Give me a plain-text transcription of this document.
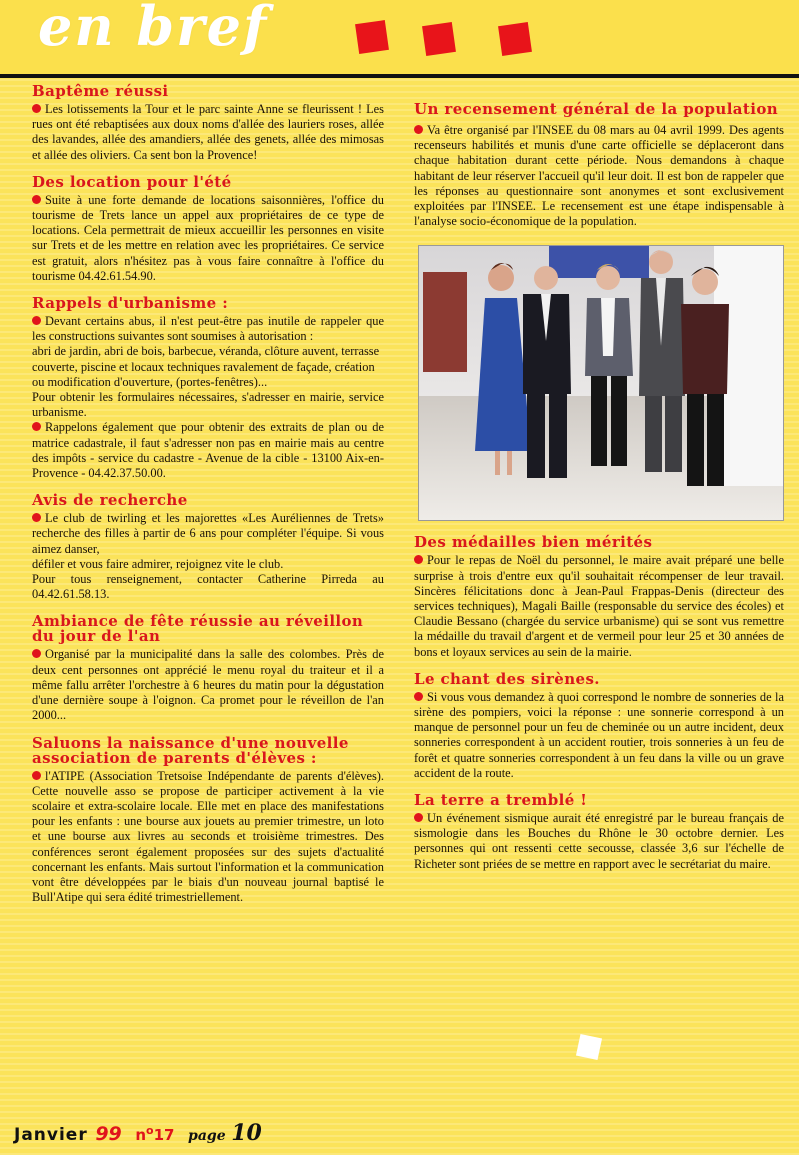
en bref
Baptême réussi

Les lotissements la Tour et le parc sainte Anne se fleurissent ! Les rues ont été rebaptisées aux doux noms d'allée des lauriers roses, allée des lavandes, allée des amandiers, allée des genets, allée des mimosas et allée des oliviers. Ca sent bon la Provence!

Des location pour l'été

Suite à une forte demande de locations saisonnières, l'office du tourisme de Trets lance un appel aux propriétaires de ce type de locations. Cela permettrait de mieux accueillir les personnes en visite sur Trets et de les mettre en relation avec les propriétaires. Ce service est gratuit, alors n'hésitez pas à vous faire connaître à l'office du tourisme 04.42.61.54.90.

Rappels d'urbanisme :

Devant certains abus, il n'est peut-être pas inutile de rappeler que les constructions suivantes sont soumises à autorisation :

abri de jardin, abri de bois, barbecue, véranda, clôture auvent, terrasse couverte, piscine et locaux techniques ravalement de façade, création ou modification d'ouverture, (portes-fenêtres)...

Pour obtenir les formulaires nécessaires, s'adresser en mairie, service urbanisme.

Rappelons également que pour obtenir des extraits de plan ou de matrice cadastrale, il faut s'adresser non pas en mairie mais au centre des impôts - service du cadastre - Avenue de la cible - 13100 Aix-en-Provence - 04.42.37.50.00.

Avis de recherche

Le club de twirling et les majorettes «Les Auréliennes de Trets» recherche des filles à partir de 6 ans pour compléter l'équipe. Si vous aimez danser,

défiler et vous faire admirer, rejoignez vite le club.

Pour tous renseignement, contacter Catherine Pirreda au 04.42.61.58.13.

Ambiance de fête réussie au réveillon du jour de l'an

Organisé par la municipalité dans la salle des colombes. Près de deux cent personnes ont apprécié le menu royal du traiteur et il a même fallu arrêter l'orchestre à 6 heures du matin pour la dégustation d'une dernière soupe à l'oignon. Ca promet pour le réveillon de l'an 2000...

Saluons la naissance d'une nouvelle association de parents d'élèves :

l'ATIPE (Association Tretsoise Indépendante de parents d'élèves). Cette nouvelle asso se propose de participer activement à la vie scolaire et extra-scolaire locale. Elle met en place des manifestations pour les enfants : une bourse aux jouets au premier trimestre, un loto et une bourse aux livres au seconds et troisième trimestres. Des conférences seront également proposées sur des sujets d'actualité concernant les enfants. Mais surtout l'information et la communication vont être développées par le biais d'un nouveau journal baptisé le Bull'Atipe qui sera édité trimestriellement.

Un recensement général de la population

Va être organisé par l'INSEE du 08 mars au 04 avril 1999. Des agents recenseurs habilités et munis d'une carte officielle se déplaceront dans chaque habitation durant cette période. Nous demandons à chaque habitant de leur réserver l'accueil qu'il leur doit. Il est bon de rappeler que les réponses au questionnaire sont anonymes et sont exclusivement exploitées par l'INSEE. Le recensement est une étape indispensable à l'analyse socio-économique de la population.

Des médailles bien mérités

Pour le repas de Noël du personnel, le maire avait préparé une belle surprise à trois d'entre eux qu'il souhaitait récompenser de leur travail. Sincères félicitations donc à Jean-Paul Frappas-Denis (directeur des services techniques), Magali Baille (responsable du service des écoles) et Claudie Bessano (chargée du service urbanisme) qui se sont vus remettre la médaille du travail d'argent et de vermeil pour leur 25 et 30 années de bons et loyaux services au sein de la mairie.

Le chant des sirènes.

Si vous vous demandez à quoi correspond le nombre de sonneries de la sirène des pompiers, voici la réponse : une sonnerie correspond à un manque de personnel pour un feu de cheminée ou un autre incident, deux sonneries correspondent à un accident routier, trois sonneries à un feu de forêt et quatre sonneries correspondent à un feu dans la ville ou un grave accident de la route.

La terre a tremblé !

Un événement sismique aurait été enregistré par le bureau français de sismologie dans les Bouches du Rhône le 30 octobre dernier. Les personnes qui ont ressenti cette secousse, classée 3,6 sur l'échelle de Richeter sont priées de se mettre en rapport avec le secrétariat du maire.

Janvier 99 $n^o17$ page 10
